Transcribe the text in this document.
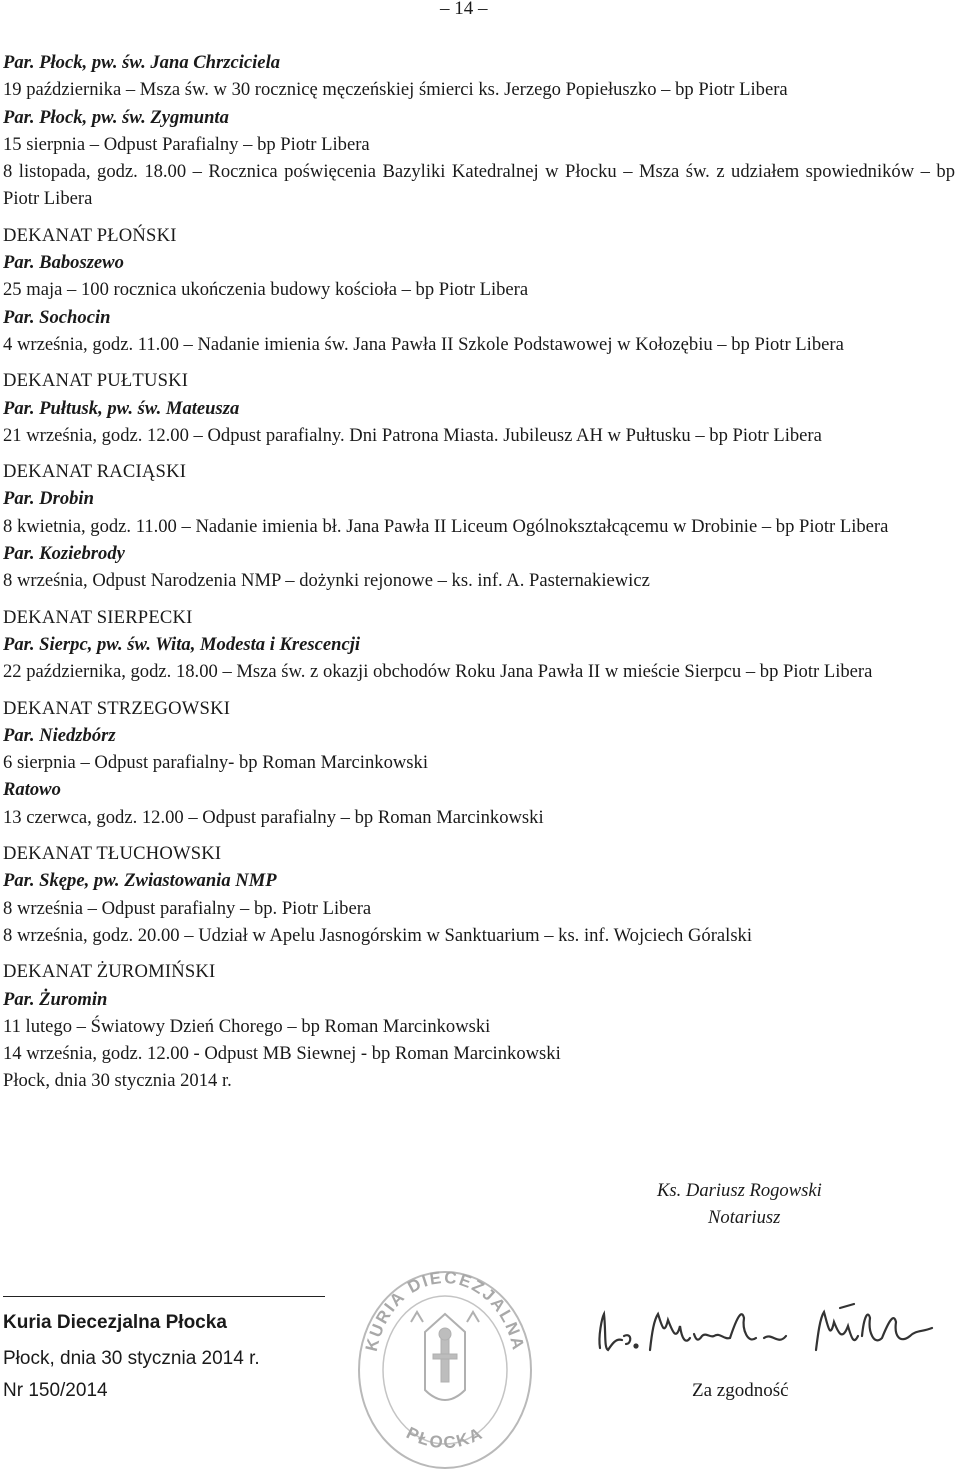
– 14 –
Par. Płock, pw. św. Jana Chrzciciela
19 października – Msza św. w 30 rocznicę męczeńskiej śmierci ks. Jerzego Popiełuszko – bp Piotr Libera
Par. Płock, pw. św. Zygmunta
15 sierpnia – Odpust Parafialny – bp Piotr Libera
8 listopada, godz. 18.00 – Rocznica poświęcenia Bazyliki Katedralnej w Płocku – Msza św. z udziałem spowiedników – bp Piotr Libera
DEKANAT PŁOŃSKI
Par. Baboszewo
25 maja – 100 rocznica ukończenia budowy kościoła – bp Piotr Libera
Par. Sochocin
4 września, godz. 11.00 – Nadanie imienia św. Jana Pawła II Szkole Podstawowej w Kołozębiu – bp Piotr Libera
DEKANAT PUŁTUSKI
Par. Pułtusk, pw. św. Mateusza
21 września, godz. 12.00 – Odpust parafialny. Dni Patrona Miasta. Jubileusz AH w Pułtusku – bp Piotr Libera
DEKANAT RACIĄSKI
Par. Drobin
8 kwietnia, godz. 11.00 – Nadanie imienia bł. Jana Pawła II Liceum Ogólnokształcącemu w Drobinie – bp Piotr Libera
Par. Koziebrody
8 września, Odpust Narodzenia NMP – dożynki rejonowe – ks. inf. A. Pasternakiewicz
DEKANAT SIERPECKI
Par. Sierpc, pw. św. Wita, Modesta i Krescencji
22 października, godz. 18.00 – Msza św. z okazji obchodów Roku Jana Pawła II w mieście Sierpcu – bp Piotr Libera
DEKANAT STRZEGOWSKI
Par. Niedzbórz
6 sierpnia – Odpust parafialny- bp Roman Marcinkowski
Ratowo
13 czerwca, godz. 12.00 – Odpust parafialny – bp Roman Marcinkowski
DEKANAT TŁUCHOWSKI
Par. Skępe, pw. Zwiastowania NMP
8 września – Odpust parafialny – bp. Piotr Libera
8 września, godz. 20.00 – Udział w Apelu Jasnogórskim w Sanktuarium – ks. inf. Wojciech Góralski
DEKANAT ŻUROMIŃSKI
Par. Żuromin
11 lutego – Światowy Dzień Chorego – bp Roman Marcinkowski
14 września, godz. 12.00 - Odpust MB Siewnej - bp Roman Marcinkowski
Płock, dnia 30 stycznia 2014 r.
Ks. Dariusz Rogowski
Notariusz
Kuria Diecezjalna Płocka
Płock, dnia 30 stycznia 2014 r.
Nr 150/2014
KURIA DIECEZJALNA
PŁOCKA
Za zgodność
